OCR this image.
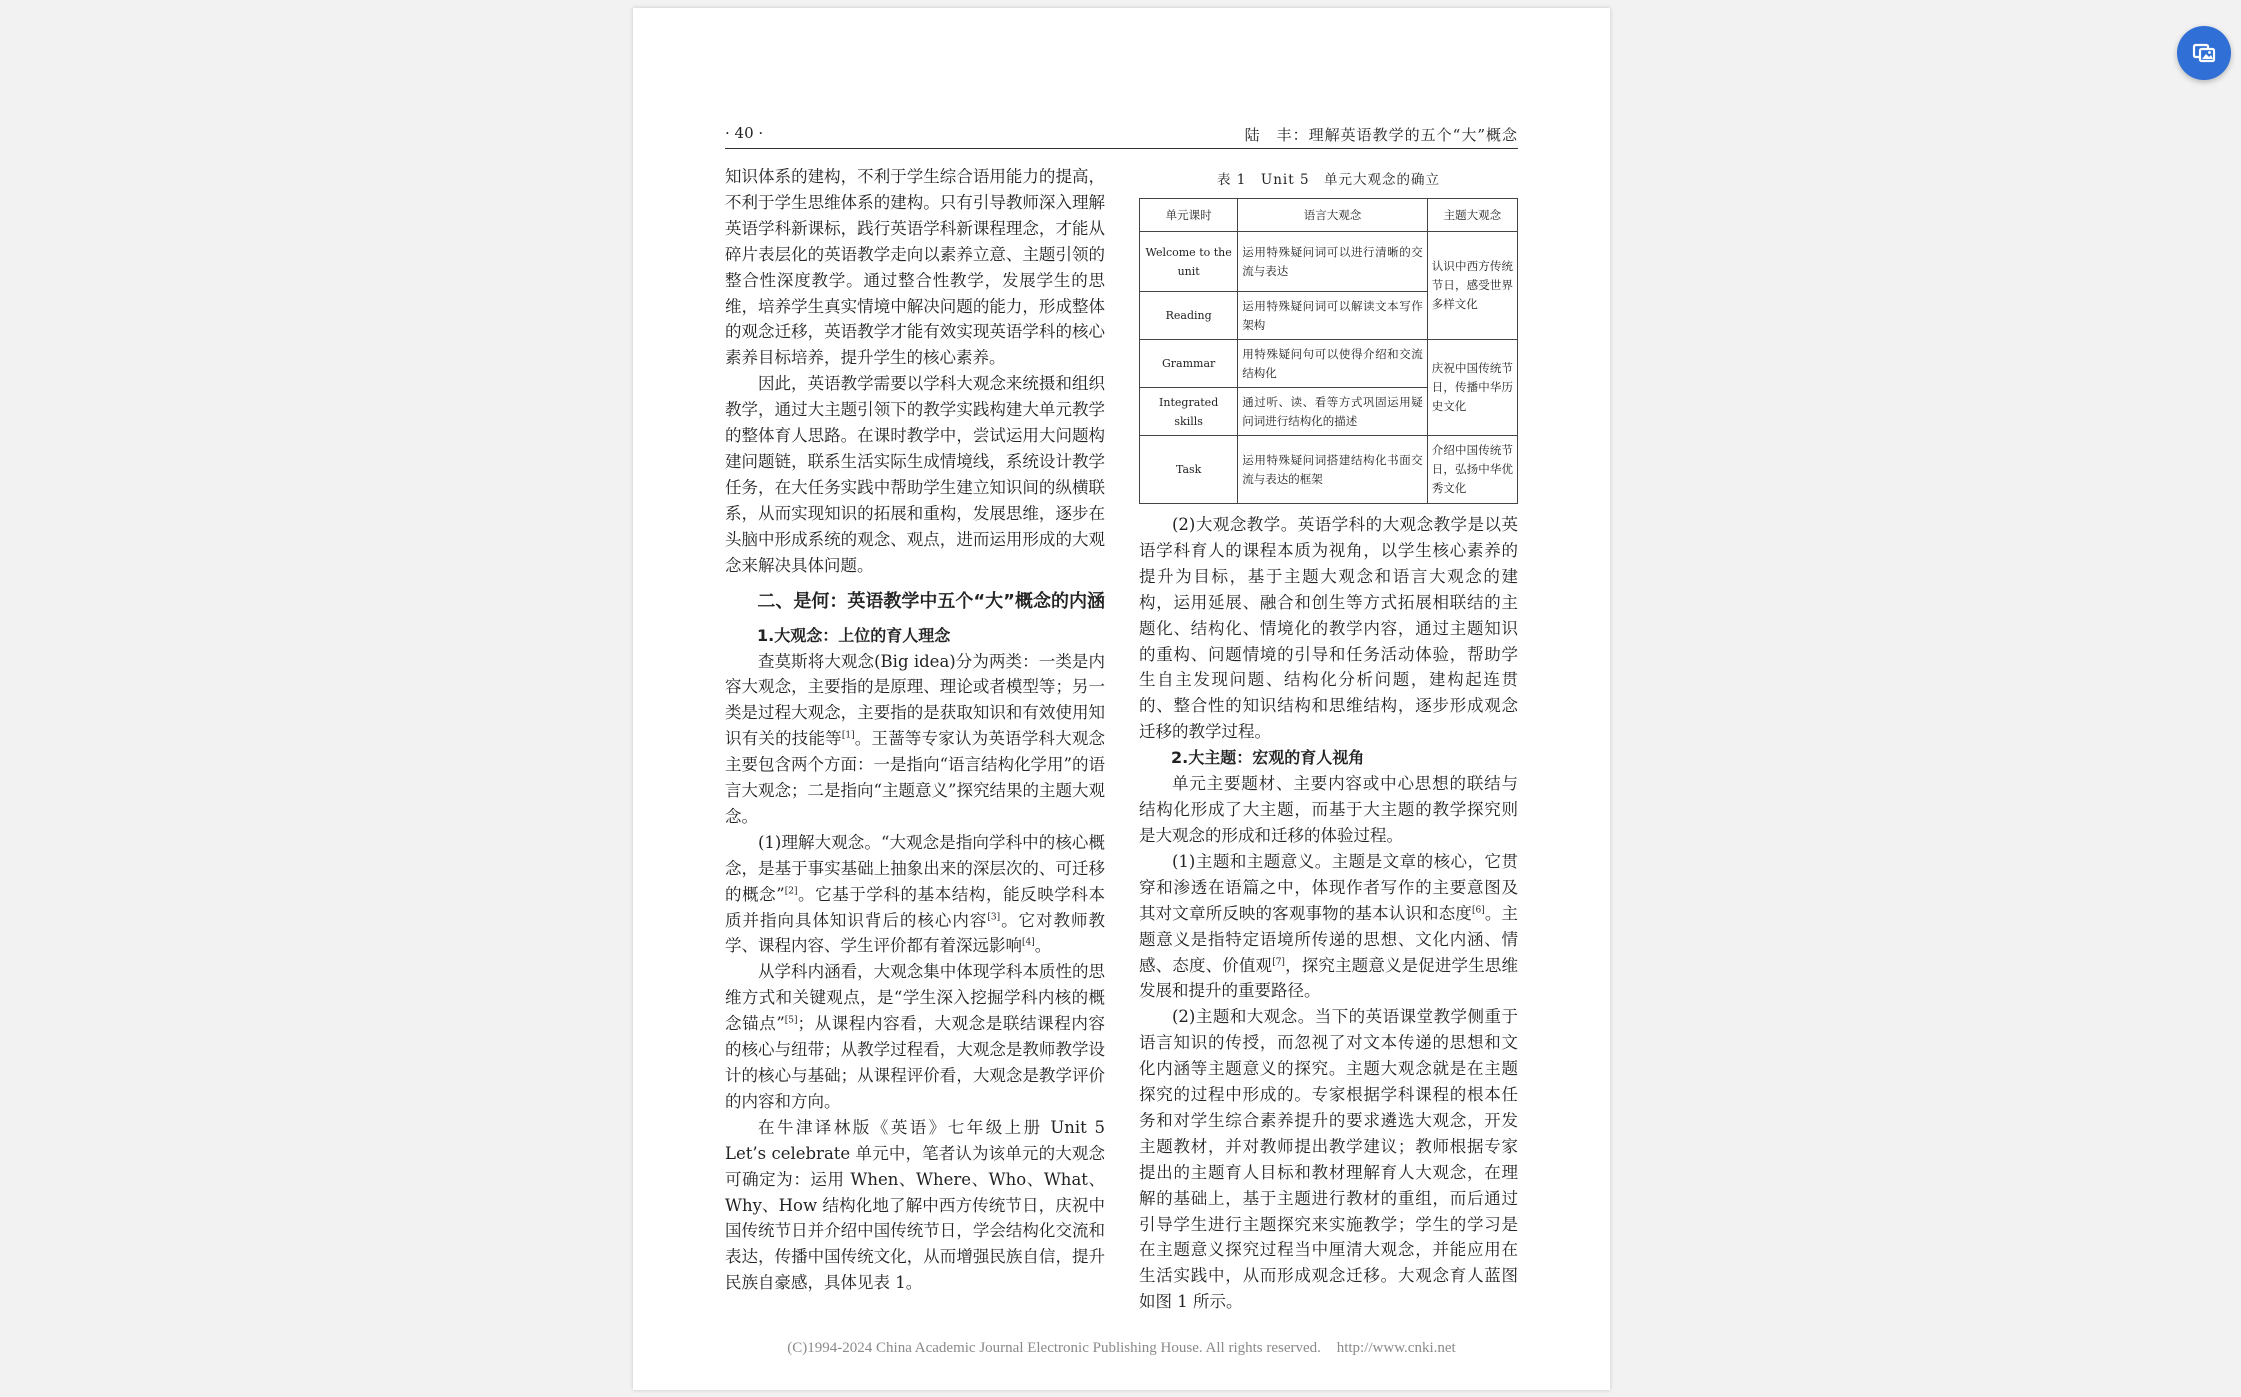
· 40 ·	陆　丰：理解英语教学的五个“大”概念

知识体系的建构，不利于学生综合语用能力的提高，不利于学生思维体系的建构。只有引导教师深入理解英语学科新课标，践行英语学科新课程理念，才能从碎片表层化的英语教学走向以素养立意、主题引领的整合性深度教学。通过整合性教学，发展学生的思维，培养学生真实情境中解决问题的能力，形成整体的观念迁移，英语教学才能有效实现英语学科的核心素养目标培养，提升学生的核心素养。

因此，英语教学需要以学科大观念来统摄和组织教学，通过大主题引领下的教学实践构建大单元教学的整体育人思路。在课时教学中，尝试运用大问题构建问题链，联系生活实际生成情境线，系统设计教学任务，在大任务实践中帮助学生建立知识间的纵横联系，从而实现知识的拓展和重构，发展思维，逐步在头脑中形成系统的观念、观点，进而运用形成的大观念来解决具体问题。

二、是何：英语教学中五个“大”概念的内涵
1.大观念：上位的育人理念

查莫斯将大观念(Big idea)分为两类：一类是内容大观念，主要指的是原理、理论或者模型等；另一类是过程大观念，主要指的是获取知识和有效使用知识有关的技能等[1]。王蔷等专家认为英语学科大观念主要包含两个方面：一是指向“语言结构化学用”的语言大观念；二是指向“主题意义”探究结果的主题大观念。

(1)理解大观念。“大观念是指向学科中的核心概念，是基于事实基础上抽象出来的深层次的、可迁移的概念”[2]。它基于学科的基本结构，能反映学科本质并指向具体知识背后的核心内容[3]。它对教师教学、课程内容、学生评价都有着深远影响[4]。

从学科内涵看，大观念集中体现学科本质性的思维方式和关键观点，是“学生深入挖掘学科内核的概念锚点”[5]；从课程内容看，大观念是联结课程内容的核心与纽带；从教学过程看，大观念是教师教学设计的核心与基础；从课程评价看，大观念是教学评价的内容和方向。

在牛津译林版《英语》七年级上册 Unit 5 Let’s celebrate 单元中，笔者认为该单元的大观念可确定为：运用 When、Where、Who、What、Why、How 结构化地了解中西方传统节日，庆祝中国传统节日并介绍中国传统节日，学会结构化交流和表达，传播中国传统文化，从而增强民族自信，提升民族自豪感，具体见表 1。

表 1　Unit 5　单元大观念的确立
单元课时	语言大观念	主题大观念
Welcome to the unit	运用特殊疑问词可以进行清晰的交流与表达	认识中西方传统节日，感受世界多样文化
Reading	运用特殊疑问词可以解读文本写作架构	
Grammar	用特殊疑问句可以使得介绍和交流结构化	庆祝中国传统节日，传播中华历史文化
Integrated skills	通过听、读、看等方式巩固运用疑问词进行结构化的描述	
Task	运用特殊疑问词搭建结构化书面交流与表达的框架	介绍中国传统节日，弘扬中华优秀文化

(2)大观念教学。英语学科的大观念教学是以英语学科育人的课程本质为视角，以学生核心素养的提升为目标，基于主题大观念和语言大观念的建构，运用延展、融合和创生等方式拓展相联结的主题化、结构化、情境化的教学内容，通过主题知识的重构、问题情境的引导和任务活动体验，帮助学生自主发现问题、结构化分析问题，建构起连贯的、整合性的知识结构和思维结构，逐步形成观念迁移的教学过程。

2.大主题：宏观的育人视角

单元主要题材、主要内容或中心思想的联结与结构化形成了大主题，而基于大主题的教学探究则是大观念的形成和迁移的体验过程。

(1)主题和主题意义。主题是文章的核心，它贯穿和渗透在语篇之中，体现作者写作的主要意图及其对文章所反映的客观事物的基本认识和态度[6]。主题意义是指特定语境所传递的思想、文化内涵、情感、态度、价值观[7]，探究主题意义是促进学生思维发展和提升的重要路径。

(2)主题和大观念。当下的英语课堂教学侧重于语言知识的传授，而忽视了对文本传递的思想和文化内涵等主题意义的探究。主题大观念就是在主题探究的过程中形成的。专家根据学科课程的根本任务和对学生综合素养提升的要求遴选大观念，开发主题教材，并对教师提出教学建议；教师根据专家提出的主题育人目标和教材理解育人大观念，在理解的基础上，基于主题进行教材的重组，而后通过引导学生进行主题探究来实施教学；学生的学习是在主题意义探究过程当中厘清大观念，并能应用在生活实践中，从而形成观念迁移。大观念育人蓝图如图 1 所示。

(C)1994-2024 China Academic Journal Electronic Publishing House. All rights reserved. http://www.cnki.net
